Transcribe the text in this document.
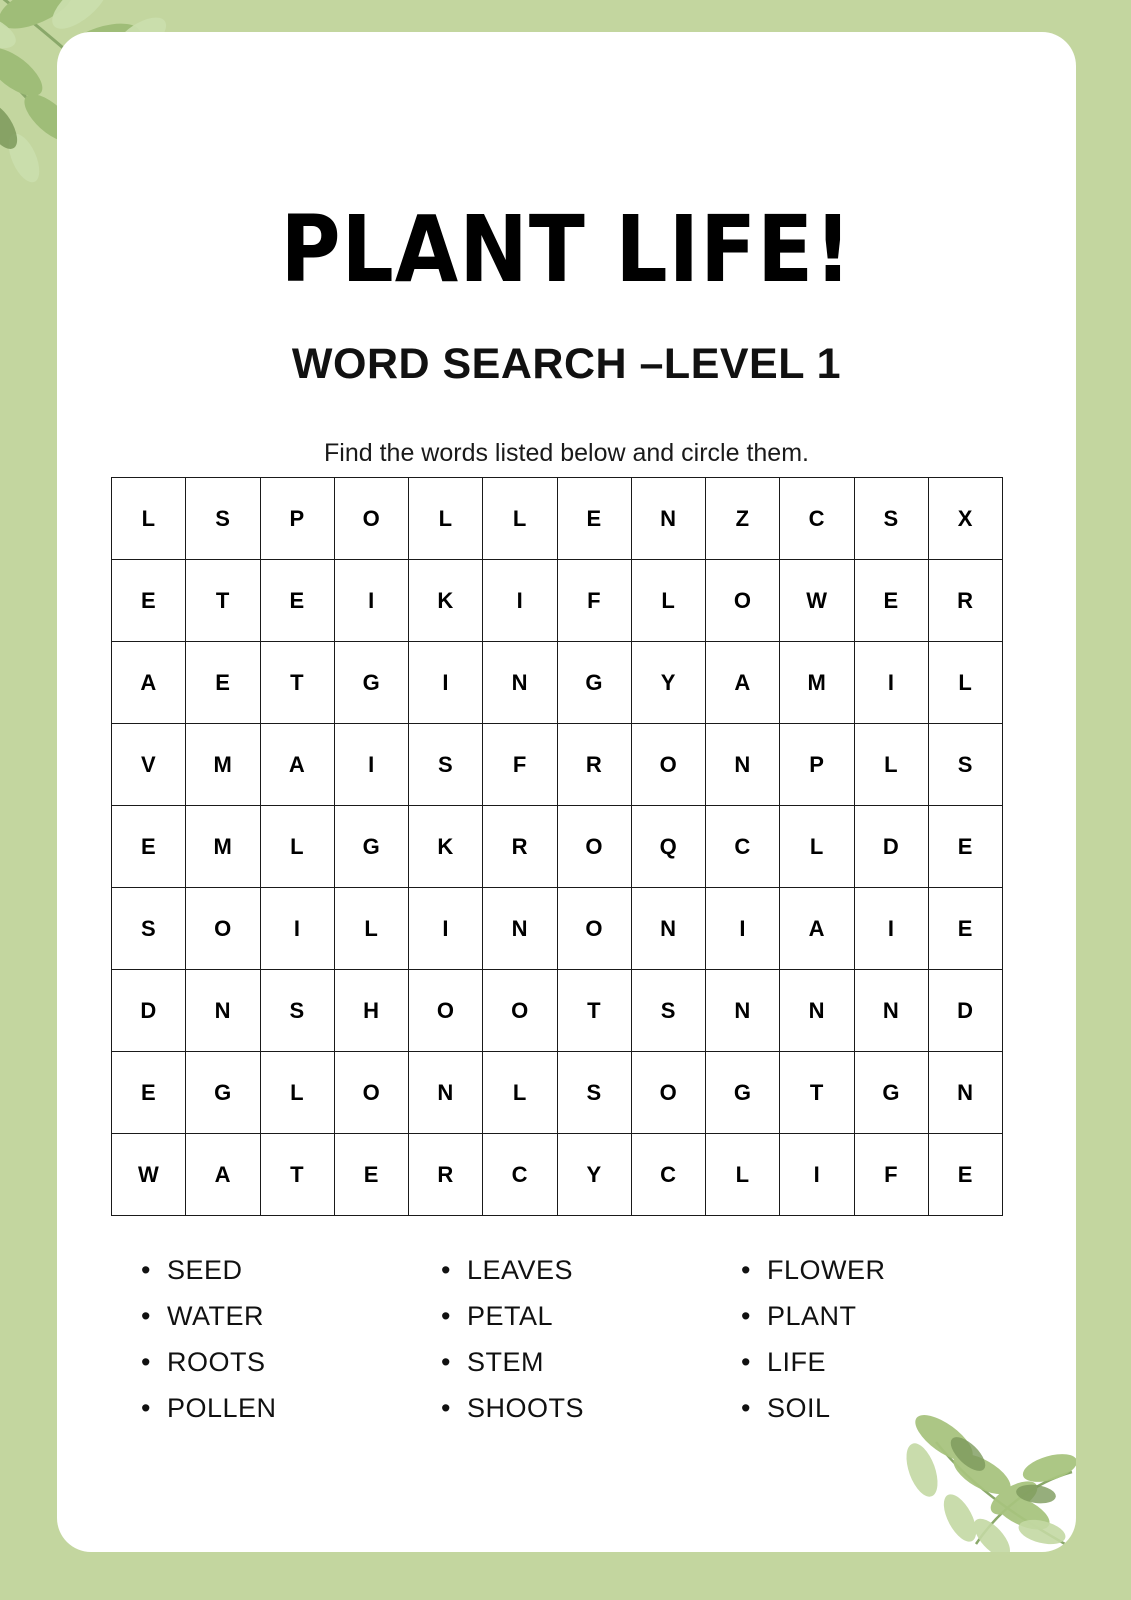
PLANT LIFE!
WORD SEARCH –LEVEL 1

Find the words listed below and circle them.

L	S	P	O	L	L	E	N	Z	C	S	X
E	T	E	I	K	I	F	L	O	W	E	R
A	E	T	G	I	N	G	Y	A	M	I	L
V	M	A	I	S	F	R	O	N	P	L	S
E	M	L	G	K	R	O	Q	C	L	D	E
S	O	I	L	I	N	O	N	I	A	I	E
D	N	S	H	O	O	T	S	N	N	N	D
E	G	L	O	N	L	S	O	G	T	G	N
W	A	T	E	R	C	Y	C	L	I	F	E
• SEED
• WATER
• ROOTS
• POLLEN
• LEAVES
• PETAL
• STEM
• SHOOTS
• FLOWER
• PLANT
• LIFE
• SOIL
